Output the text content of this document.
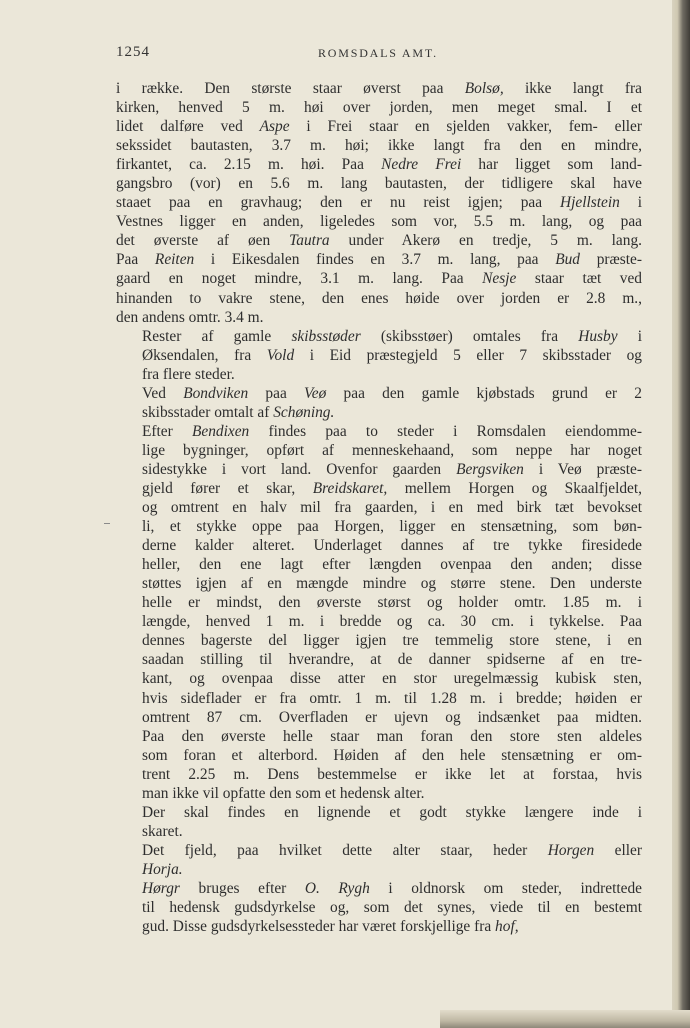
1254	ROMSDALS AMT.

i række. Den største staar øverst paa Bolsø, ikke langt fra
kirken, henved 5 m. høi over jorden, men meget smal. I et
lidet dalføre ved Aspe i Frei staar en sjelden vakker, fem- eller
sekssidet bautasten, 3.7 m. høi; ikke langt fra den en mindre,
firkantet, ca. 2.15 m. høi. Paa Nedre Frei har ligget som land-
gangsbro (vor) en 5.6 m. lang bautasten, der tidligere skal have
staaet paa en gravhaug; den er nu reist igjen; paa Hjellstein i
Vestnes ligger en anden, ligeledes som vor, 5.5 m. lang, og paa
det øverste af øen Tautra under Akerø en tredje, 5 m. lang.
Paa Reiten i Eikesdalen findes en 3.7 m. lang, paa Bud præste-
gaard en noget mindre, 3.1 m. lang. Paa Nesje staar tæt ved
hinanden to vakre stene, den enes høide over jorden er 2.8 m.,
den andens omtr. 3.4 m.

Rester af gamle skibsstøder (skibsstøer) omtales fra Husby i
Øksendalen, fra Vold i Eid præstegjeld 5 eller 7 skibsstader og
fra flere steder.

Ved Bondviken paa Veø paa den gamle kjøbstads grund er 2
skibsstader omtalt af Schøning.

Efter Bendixen findes paa to steder i Romsdalen eiendomme-
lige bygninger, opført af menneskehaand, som neppe har noget
sidestykke i vort land. Ovenfor gaarden Bergsviken i Veø præste-
gjeld fører et skar, Breidskaret, mellem Horgen og Skaalfjeldet,
og omtrent en halv mil fra gaarden, i en med birk tæt bevokset
li, et stykke oppe paa Horgen, ligger en stensætning, som bøn-
derne kalder alteret. Underlaget dannes af tre tykke firesidede
heller, den ene lagt efter længden ovenpaa den anden; disse
støttes igjen af en mængde mindre og større stene. Den underste
helle er mindst, den øverste størst og holder omtr. 1.85 m. i
længde, henved 1 m. i bredde og ca. 30 cm. i tykkelse. Paa
dennes bagerste del ligger igjen tre temmelig store stene, i en
saadan stilling til hverandre, at de danner spidserne af en tre-
kant, og ovenpaa disse atter en stor uregelmæssig kubisk sten,
hvis sideflader er fra omtr. 1 m. til 1.28 m. i bredde; høiden er
omtrent 87 cm. Overfladen er ujevn og indsænket paa midten.
Paa den øverste helle staar man foran den store sten aldeles
som foran et alterbord. Høiden af den hele stensætning er om-
trent 2.25 m. Dens bestemmelse er ikke let at forstaa, hvis
man ikke vil opfatte den som et hedensk alter.

Der skal findes en lignende et godt stykke længere inde i
skaret.

Det fjeld, paa hvilket dette alter staar, heder Horgen eller
Horja.

Hørgr bruges efter O. Rygh i oldnorsk om steder, indrettede
til hedensk gudsdyrkelse og, som det synes, viede til en bestemt
gud. Disse gudsdyrkelsessteder har været forskjellige fra hof,
